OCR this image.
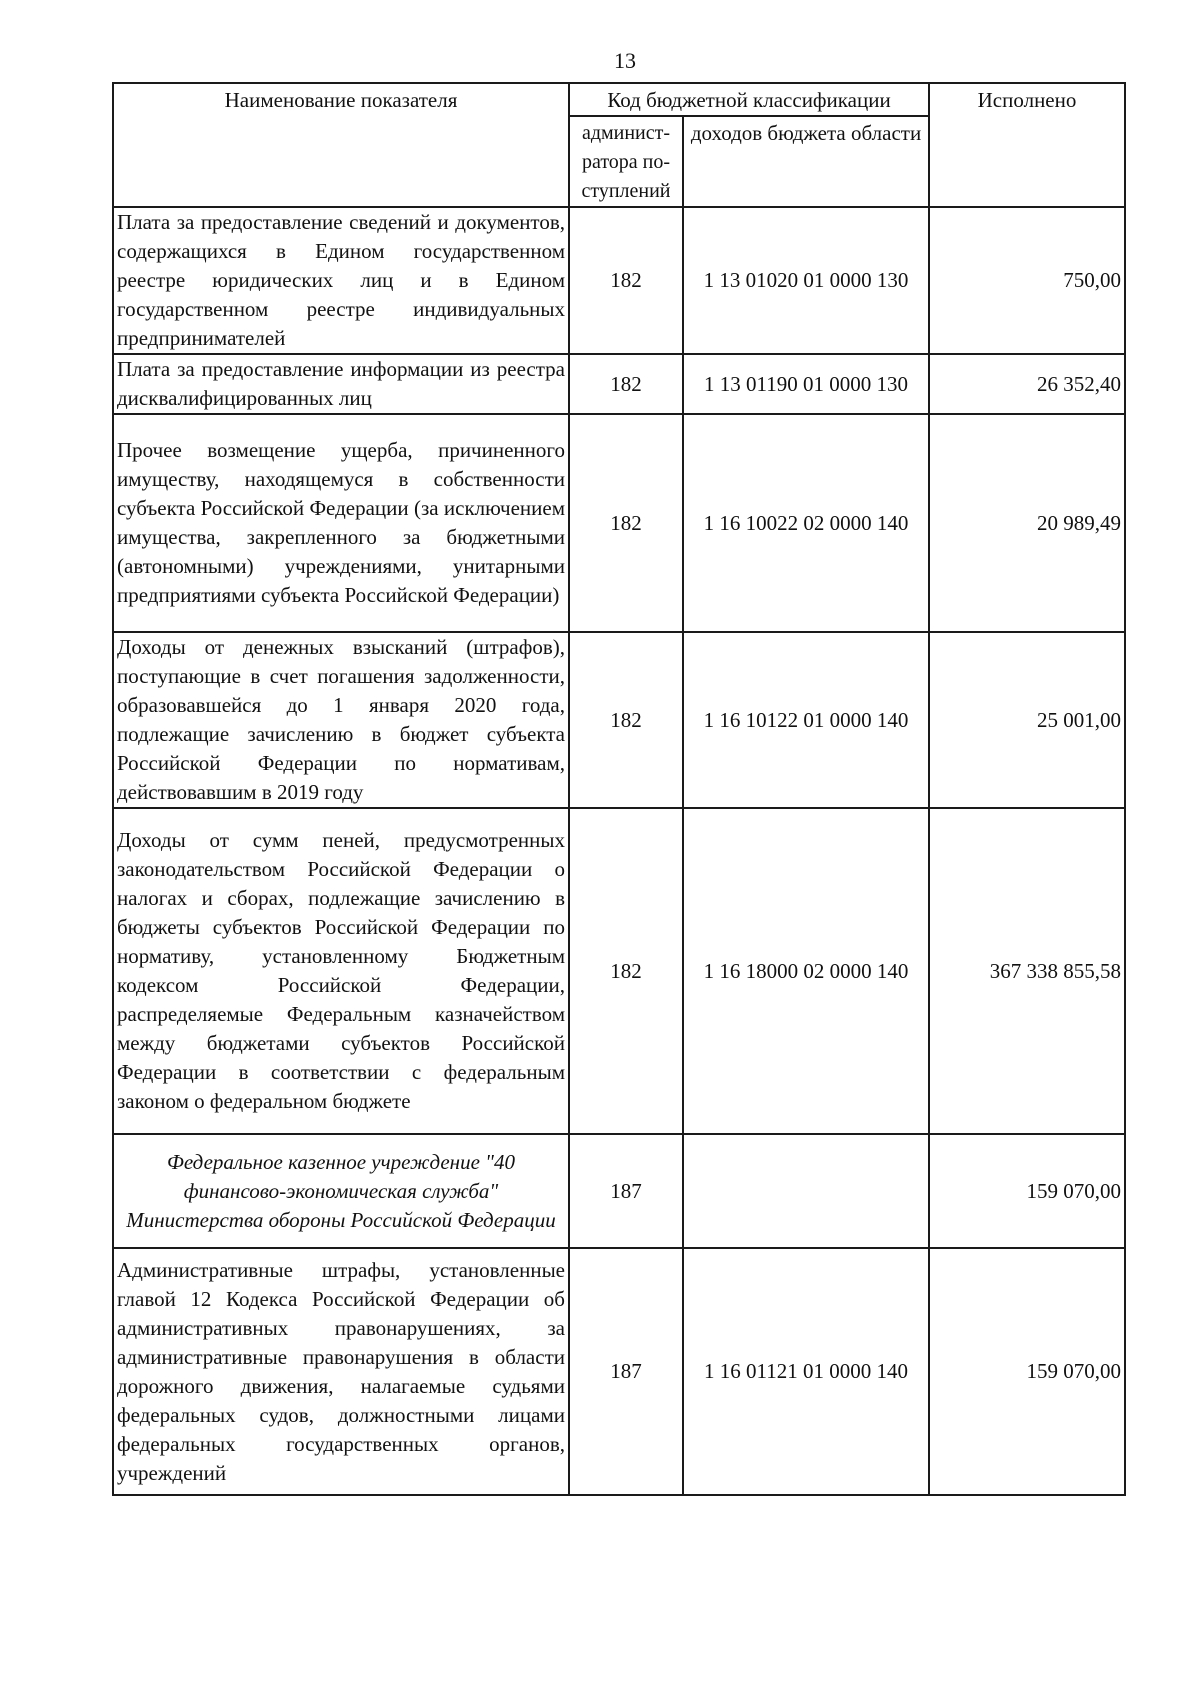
13
Наименование показателя	Код бюджетной классификации		Исполнено
	админист-ратора по-ступлений	доходов бюджета области	
Плата за предоставление сведений и документов, содержащихся в Едином государственном реестре юридических лиц и в Едином государственном реестре индивидуальных предпринимателей	182	1 13 01020 01 0000 130	750,00
Плата за предоставление информации из реестра дисквалифицированных лиц	182	1 13 01190 01 0000 130	26 352,40
Прочее возмещение ущерба, причиненного имуществу, находящемуся в собственности субъекта Российской Федерации (за исключением имущества, закрепленного за бюджетными (автономными) учреждениями, унитарными предприятиями субъекта Российской Федерации)	182	1 16 10022 02 0000 140	20 989,49
Доходы от денежных взысканий (штрафов), поступающие в счет погашения задолженности, образовавшейся до 1 января 2020 года, подлежащие зачислению в бюджет субъекта Российской Федерации по нормативам, действовавшим в 2019 году	182	1 16 10122 01 0000 140	25 001,00
Доходы от сумм пеней, предусмотренных законодательством Российской Федерации о налогах и сборах, подлежащие зачислению в бюджеты субъектов Российской Федерации по нормативу, установленному Бюджетным кодексом Российской Федерации, распределяемые Федеральным казначейством между бюджетами субъектов Российской Федерации в соответствии с федеральным законом о федеральном бюджете	182	1 16 18000 02 0000 140	367 338 855,58
Федеральное казенное учреждение "40 финансово-экономическая служба" Министерства обороны Российской Федерации	187		159 070,00
Административные штрафы, установленные главой 12 Кодекса Российской Федерации об административных правонарушениях, за административные правонарушения в области дорожного движения, налагаемые судьями федеральных судов, должностными лицами федеральных государственных органов, учреждений	187	1 16 01121 01 0000 140	159 070,00
